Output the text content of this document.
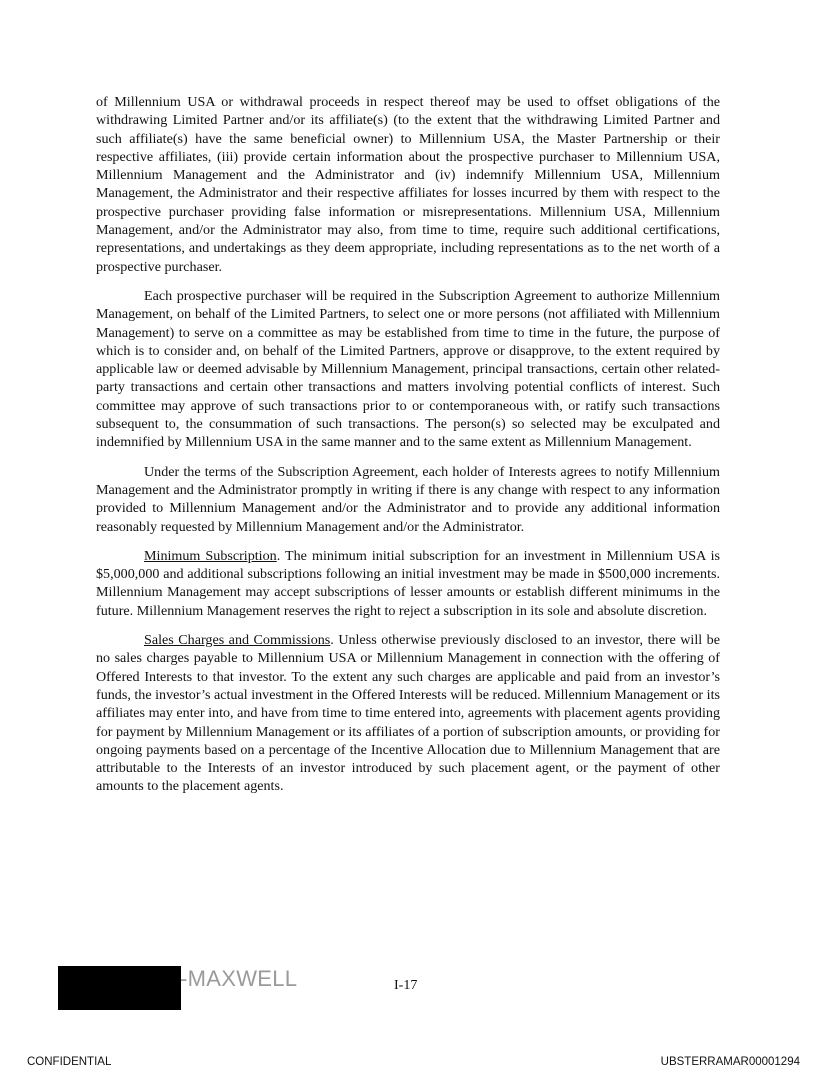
of Millennium USA or withdrawal proceeds in respect thereof may be used to offset obligations of the withdrawing Limited Partner and/or its affiliate(s) (to the extent that the withdrawing Limited Partner and such affiliate(s) have the same beneficial owner) to Millennium USA, the Master Partnership or their respective affiliates, (iii) provide certain information about the prospective purchaser to Millennium USA, Millennium Management and the Administrator and (iv) indemnify Millennium USA, Millennium Management, the Administrator and their respective affiliates for losses incurred by them with respect to the prospective purchaser providing false information or misrepresentations. Millennium USA, Millennium Management, and/or the Administrator may also, from time to time, require such additional certifications, representations, and undertakings as they deem appropriate, including representations as to the net worth of a prospective purchaser.

Each prospective purchaser will be required in the Subscription Agreement to authorize Millennium Management, on behalf of the Limited Partners, to select one or more persons (not affiliated with Millennium Management) to serve on a committee as may be established from time to time in the future, the purpose of which is to consider and, on behalf of the Limited Partners, approve or disapprove, to the extent required by applicable law or deemed advisable by Millennium Management, principal transactions, certain other related-party transactions and certain other transactions and matters involving potential conflicts of interest. Such committee may approve of such transactions prior to or contemporaneous with, or ratify such transactions subsequent to, the consummation of such transactions. The person(s) so selected may be exculpated and indemnified by Millennium USA in the same manner and to the same extent as Millennium Management.

Under the terms of the Subscription Agreement, each holder of Interests agrees to notify Millennium Management and the Administrator promptly in writing if there is any change with respect to any information provided to Millennium Management and/or the Administrator and to provide any additional information reasonably requested by Millennium Management and/or the Administrator.

Minimum Subscription. The minimum initial subscription for an investment in Millennium USA is $5,000,000 and additional subscriptions following an initial investment may be made in $500,000 increments. Millennium Management may accept subscriptions of lesser amounts or establish different minimums in the future. Millennium Management reserves the right to reject a subscription in its sole and absolute discretion.

Sales Charges and Commissions. Unless otherwise previously disclosed to an investor, there will be no sales charges payable to Millennium USA or Millennium Management in connection with the offering of Offered Interests to that investor. To the extent any such charges are applicable and paid from an investor’s funds, the investor’s actual investment in the Offered Interests will be reduced. Millennium Management or its affiliates may enter into, and have from time to time entered into, agreements with placement agents providing for payment by Millennium Management or its affiliates of a portion of subscription amounts, or providing for ongoing payments based on a percentage of the Incentive Allocation due to Millennium Management that are attributable to the Interests of an investor introduced by such placement agent, or the payment of other amounts to the placement agents.

-MAXWELL	I-17
CONFIDENTIAL	UBSTERRAMAR00001294
